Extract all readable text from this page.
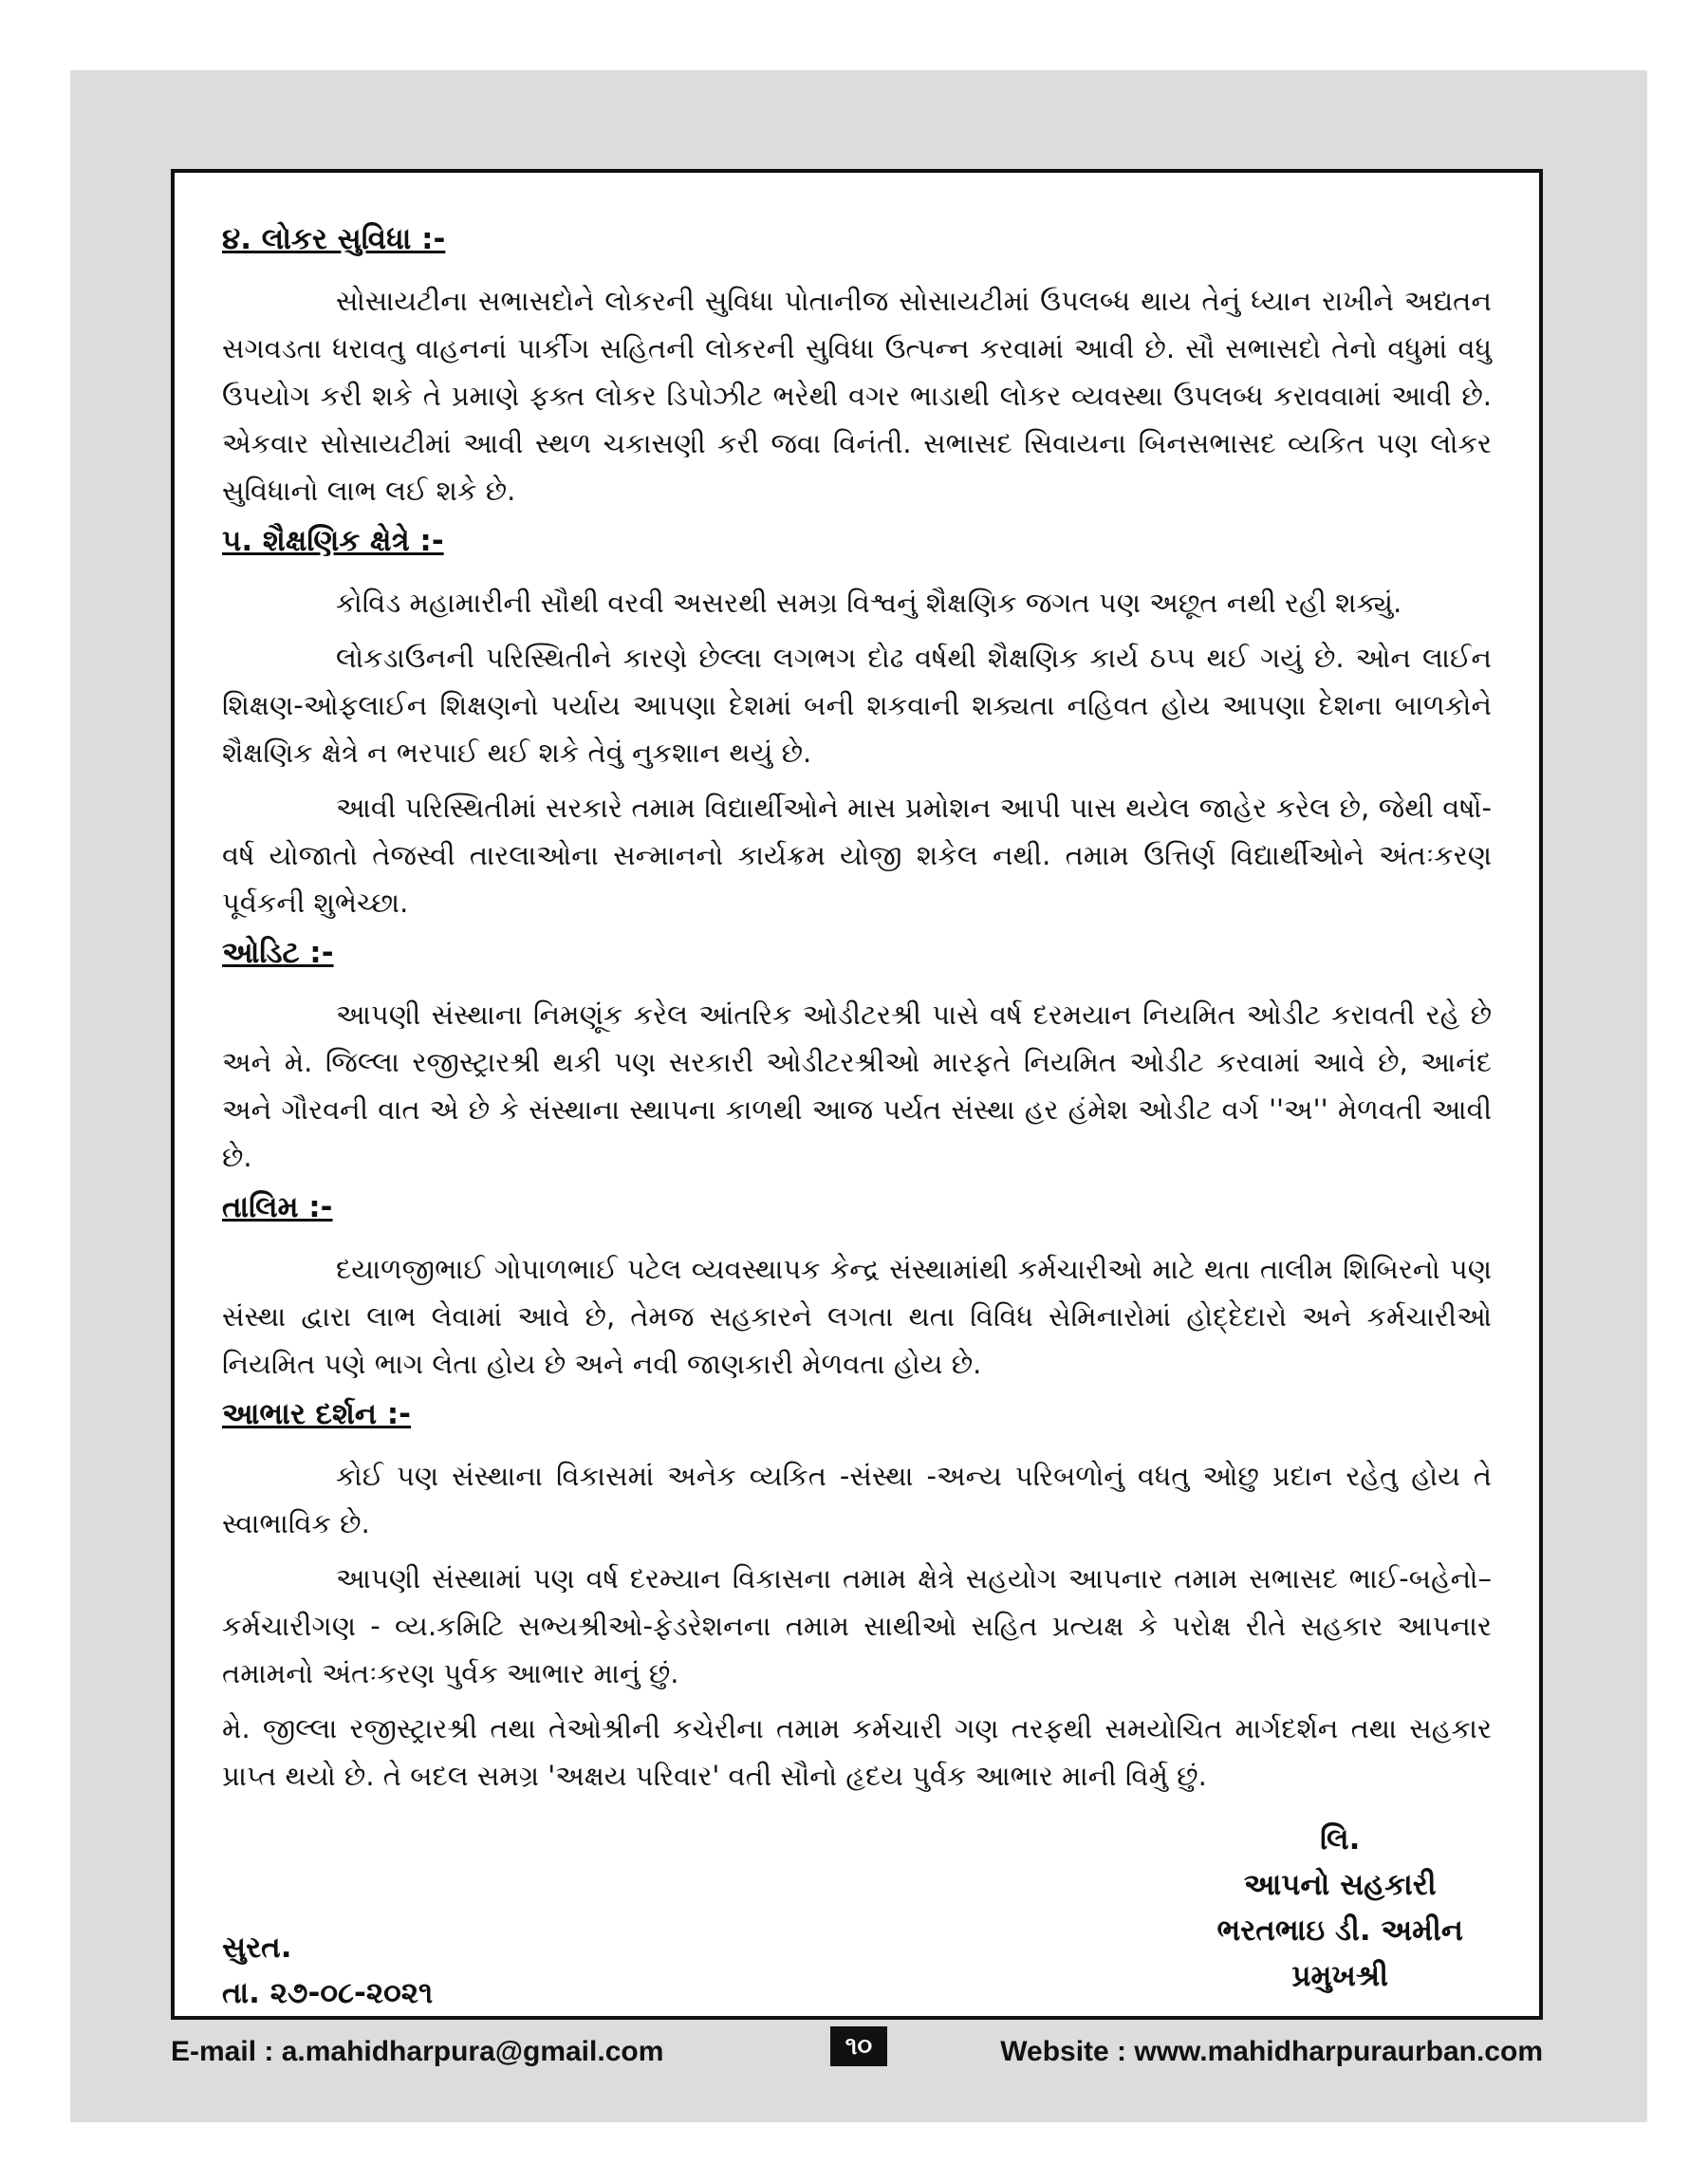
૪. લોકર સુવિધા :-

સોસાયટીના સભાસદોને લોકરની સુવિધા પોતાનીજ સોસાયટીમાં ઉપલબ્ધ થાય તેનું ધ્યાન રાખીને અદ્યતન સગવડતા ધરાવતુ વાહનનાં પાર્કીગ સહિતની લોકરની સુવિધા ઉત્પન્ન કરવામાં આવી છે. સૌ સભાસદો તેનો વધુમાં વધુ ઉપયોગ કરી શકે તે પ્રમાણે ફક્ત લોકર ડિપોઝીટ ભરેથી વગર ભાડાથી લોકર વ્યવસ્થા ઉપલબ્ધ કરાવવામાં આવી છે. એકવાર સોસાયટીમાં આવી સ્થળ ચકાસણી કરી જવા વિનંતી. સભાસદ સિવાયના બિનસભાસદ વ્યકિત પણ લોકર સુવિધાનો લાભ લઈ શકે છે.

૫. શૈક્ષણિક ક્ષેત્રે :-

કોવિડ મહામારીની સૌથી વરવી અસરથી સમગ્ર વિશ્વનું શૈક્ષણિક જગત પણ અછૂત નથી રહી શક્યું.

લોકડાઉનની પરિસ્થિતીને કારણે છેલ્લા લગભગ દોઢ વર્ષથી શૈક્ષણિક કાર્ય ઠપ્પ થઈ ગયું છે. ઓન લાઈન શિક્ષણ-ઓફલાઈન શિક્ષણનો પર્યાય આપણા દેશમાં બની શકવાની શક્યતા નહિવત હોય આપણા દેશના બાળકોને શૈક્ષણિક ક્ષેત્રે ન ભરપાઈ થઈ શકે તેવું નુકશાન થયું છે.

આવી પરિસ્થિતીમાં સરકારે તમામ વિદ્યાર્થીઓને માસ પ્રમોશન આપી પાસ થયેલ જાહેર કરેલ છે, જેથી વર્ષો-વર્ષ યોજાતો તેજસ્વી તારલાઓના સન્માનનો કાર્યક્રમ યોજી શકેલ નથી. તમામ ઉત્તિર્ણ વિદ્યાર્થીઓને અંતઃકરણ પૂર્વકની શુભેચ્છા.

ઓડિટ :-

આપણી સંસ્થાના નિમણૂંક કરેલ આંતરિક ઓડીટરશ્રી પાસે વર્ષ દરમયાન નિયમિત ઓડીટ કરાવતી રહે છે અને મે. જિલ્લા રજીસ્ટ્રારશ્રી થકી પણ સરકારી ઓડીટરશ્રીઓ મારફતે નિયમિત ઓડીટ કરવામાં આવે છે, આનંદ અને ગૌરવની વાત એ છે કે સંસ્થાના સ્થાપના કાળથી આજ પર્યત સંસ્થા હર હંમેશ ઓડીટ વર્ગ ''અ'' મેળવતી આવી છે.

તાલિમ :-

દયાળજીભાઈ ગોપાળભાઈ પટેલ વ્યવસ્થાપક કેન્દ્ર સંસ્થામાંથી કર્મચારીઓ માટે થતા તાલીમ શિબિરનો પણ સંસ્થા દ્વારા લાભ લેવામાં આવે છે, તેમજ સહકારને લગતા થતા વિવિધ સેમિનારોમાં હોદ્દેદારો અને કર્મચારીઓ નિયમિત પણે ભાગ લેતા હોય છે અને નવી જાણકારી મેળવતા હોય છે.

આભાર દર્શન :-

કોઈ પણ સંસ્થાના વિકાસમાં અનેક વ્યકિત -સંસ્થા -અન્ય પરિબળોનું વધતુ ઓછુ પ્રદાન રહેતુ હોય તે સ્વાભાવિક છે.

આપણી સંસ્થામાં પણ વર્ષ દરમ્યાન વિકાસના તમામ ક્ષેત્રે સહયોગ આપનાર તમામ સભાસદ ભાઈ-બહેનો– કર્મચારીગણ - વ્ય.કમિટિ સભ્યશ્રીઓ-ફેડરેશનના તમામ સાથીઓ સહિત પ્રત્યક્ષ કે પરોક્ષ રીતે સહકાર આપનાર તમામનો અંતઃકરણ પુર્વક આભાર માનું છું.

મે. જીલ્લા રજીસ્ટ્રારશ્રી તથા તેઓશ્રીની કચેરીના તમામ કર્મચારી ગણ તરફથી સમયોચિત માર્ગદર્શન તથા સહકાર પ્રાપ્ત થયો છે. તે બદલ સમગ્ર 'અક્ષય પરિવાર' વતી સૌનો હૃદય પુર્વક આભાર માની વિર્મુ છું.

લિ.
આપનો સહકારી
ભરતભાઇ ડી. અમીન
પ્રમુખશ્રી
સુરત.
તા. ૨૭-૦૮-૨૦૨૧
E-mail : a.mahidharpura@gmail.com	૧૦	Website : www.mahidharpuraurban.com
